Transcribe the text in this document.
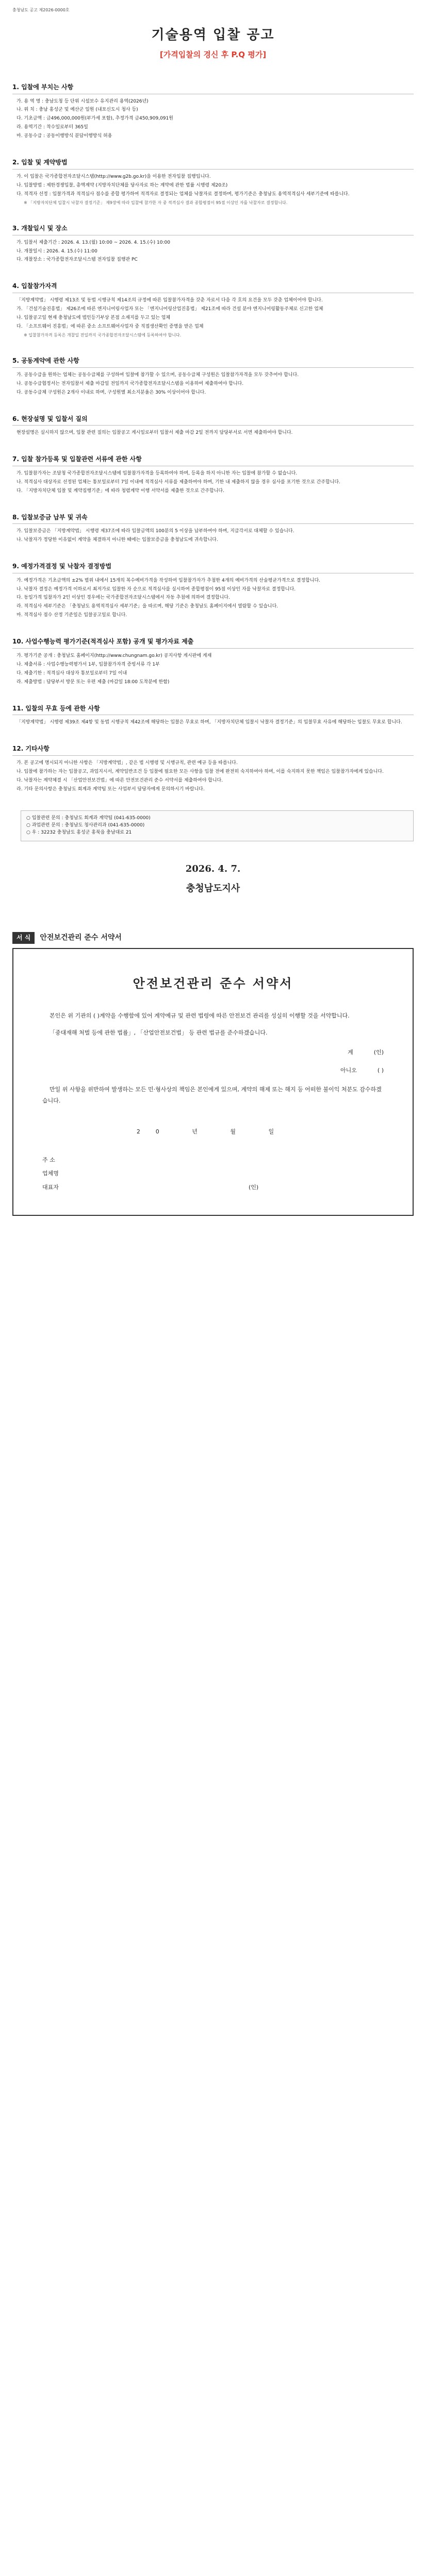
충청남도 공고 제2026-0000호
기술용역 입찰 공고
[가격입찰의 경신 후 P.Q 평가]
1. 입찰에 부치는 사항
가. 용 역 명 : 충남도청 등 단위 시설보수 유지관리 용역(2026년)
나. 위 치 : 충남 홍성군 및 예산군 일원 (내포신도시 청사 등)
다. 기초금액 : 금496,000,000원(부가세 포함), 추정가격 금450,909,091원
라. 용역기간 : 착수일로부터 365일
마. 공동수급 : 공동이행방식 분담이행방식 허용
2. 입찰 및 계약방법
가. 이 입찰은 국가종합전자조달시스템(http://www.g2b.go.kr)을 이용한 전자입찰 집행입니다.
나. 입찰방법 : 제한경쟁입찰, 총액계약 (지방자치단체를 당사자로 하는 계약에 관한 법률 시행령 제20조)
다. 적격자 선정 : 입찰가격과 적격심사 점수를 종합 평가하여 적격자로 결정되는 업체를 낙찰자로 결정하며, 평가기준은 충청남도 용역적격심사 세부기준에 따릅니다.
※ 「지방자치단체 입찰시 낙찰자 결정기준」 제9장에 따라 입찰에 참가한 자 중 적격심사 결과 종합평점이 95점 이상인 자를 낙찰자로 결정합니다.
3. 개찰일시 및 장소
가. 입찰서 제출기간 : 2026. 4. 13.(월) 10:00 ~ 2026. 4. 15.(수) 10:00
나. 개찰일시 : 2026. 4. 15.(수) 11:00
다. 개찰장소 : 국가종합전자조달시스템 전자입찰 집행관 PC
4. 입찰참가자격
「지방계약법」 시행령 제13조 및 동법 시행규칙 제14조의 규정에 따른 입찰참가자격을 갖춘 자로서 다음 각 호의 요건을 모두 갖춘 업체이어야 합니다.
가. 「건설기술진흥법」 제26조에 따른 엔지니어링사업자 또는 「엔지니어링산업진흥법」 제21조에 따라 건설 분야 엔지니어링활동주체로 신고한 업체
나. 입찰공고일 현재 충청남도에 법인등기부상 본점 소재지를 두고 있는 업체
다. 「소프트웨어 진흥법」에 따른 중소 소프트웨어사업자 중 직접생산확인 증명을 받은 업체
※ 입찰참가자격 등록은 개찰일 전일까지 국가종합전자조달시스템에 등록하여야 합니다.
5. 공동계약에 관한 사항
가. 공동수급을 원하는 업체는 공동수급체를 구성하여 입찰에 참가할 수 있으며, 공동수급체 구성원은 입찰참가자격을 모두 갖추어야 합니다.
나. 공동수급협정서는 전자입찰서 제출 마감일 전일까지 국가종합전자조달시스템을 이용하여 제출하여야 합니다.
다. 공동수급체 구성원은 2개사 이내로 하며, 구성원별 최소지분율은 30% 이상이어야 합니다.
6. 현장설명 및 입찰서 질의
현장설명은 실시하지 않으며, 입찰 관련 질의는 입찰공고 게시일로부터 입찰서 제출 마감 2일 전까지 담당부서로 서면 제출하여야 합니다.
7. 입찰 참가등록 및 입찰관련 서류에 관한 사항
가. 입찰참가자는 조달청 국가종합전자조달시스템에 입찰참가자격을 등록하여야 하며, 등록을 하지 아니한 자는 입찰에 참가할 수 없습니다.
나. 적격심사 대상자로 선정된 업체는 통보일로부터 7일 이내에 적격심사 서류를 제출하여야 하며, 기한 내 제출하지 않을 경우 심사를 포기한 것으로 간주합니다.
다. 「지방자치단체 입찰 및 계약집행기준」에 따라 청렴계약 이행 서약서를 제출한 것으로 간주합니다.
8. 입찰보증금 납부 및 귀속
가. 입찰보증금은 「지방계약법」 시행령 제37조에 따라 입찰금액의 100분의 5 이상을 납부하여야 하며, 지급각서로 대체할 수 있습니다.
나. 낙찰자가 정당한 이유없이 계약을 체결하지 아니한 때에는 입찰보증금을 충청남도에 귀속합니다.
9. 예정가격결정 및 낙찰자 결정방법
가. 예정가격은 기초금액의 ±2% 범위 내에서 15개의 복수예비가격을 작성하여 입찰참가자가 추첨한 4개의 예비가격의 산술평균가격으로 결정합니다.
나. 낙찰자 결정은 예정가격 이하로서 최저가로 입찰한 자 순으로 적격심사를 실시하여 종합평점이 95점 이상인 자를 낙찰자로 결정합니다.
다. 동일가격 입찰자가 2인 이상인 경우에는 국가종합전자조달시스템에서 자동 추첨에 의하여 결정합니다.
라. 적격심사 세부기준은 「충청남도 용역적격심사 세부기준」을 따르며, 해당 기준은 충청남도 홈페이지에서 열람할 수 있습니다.
마. 적격심사 점수 산정 기준일은 입찰공고일로 합니다.
10. 사업수행능력 평가기준(적격심사 포함) 공개 및 평가자료 제출
가. 평가기준 공개 : 충청남도 홈페이지(http://www.chungnam.go.kr) 공지사항 게시판에 게재
나. 제출서류 : 사업수행능력평가서 1부, 입찰참가자격 증빙서류 각 1부
다. 제출기한 : 적격심사 대상자 통보일로부터 7일 이내
라. 제출방법 : 담당부서 방문 또는 우편 제출 (마감일 18:00 도착분에 한함)
11. 입찰의 무효 등에 관한 사항
「지방계약법」 시행령 제39조 제4항 및 동법 시행규칙 제42조에 해당하는 입찰은 무효로 하며, 「지방자치단체 입찰시 낙찰자 결정기준」의 입찰무효 사유에 해당하는 입찰도 무효로 합니다.
12. 기타사항
가. 본 공고에 명시되지 아니한 사항은 「지방계약법」, 같은 법 시행령 및 시행규칙, 관련 예규 등을 따릅니다.
나. 입찰에 참가하는 자는 입찰공고, 과업지시서, 계약일반조건 등 입찰에 필요한 모든 사항을 입찰 전에 완전히 숙지하여야 하며, 이를 숙지하지 못한 책임은 입찰참가자에게 있습니다.
다. 낙찰자는 계약체결 시 「산업안전보건법」에 따른 안전보건관리 준수 서약서를 제출하여야 합니다.
라. 기타 문의사항은 충청남도 회계과 계약팀 또는 사업부서 담당자에게 문의하시기 바랍니다.
○ 입찰관련 문의 : 충청남도 회계과 계약팀 (041-635-0000)
○ 과업관련 문의 : 충청남도 청사관리과 (041-635-0000)
○ 우 : 32232 충청남도 홍성군 홍북읍 충남대로 21
2026. 4. 7.
충청남도지사
서 식	안전보건관리 준수 서약서
안전보건관리 준수 서약서

본인은 위 기관의 ( )계약을 수행함에 있어 계약예규 및 관련 법령에 따른 안전보건 관리를 성실히 이행할 것을 서약합니다.

「중대재해 처벌 등에 관한 법률」, 「산업안전보건법」 등 관련 법규를 준수하겠습니다.

계	(인)
아니오	( )

만일 위 사항을 위반하여 발생하는 모든 민·형사상의 책임은 본인에게 있으며, 계약의 해제 또는 해지 등 어떠한 불이익 처분도 감수하겠습니다.

20 년 월 일
주 소
업체명
대표자	(인)
